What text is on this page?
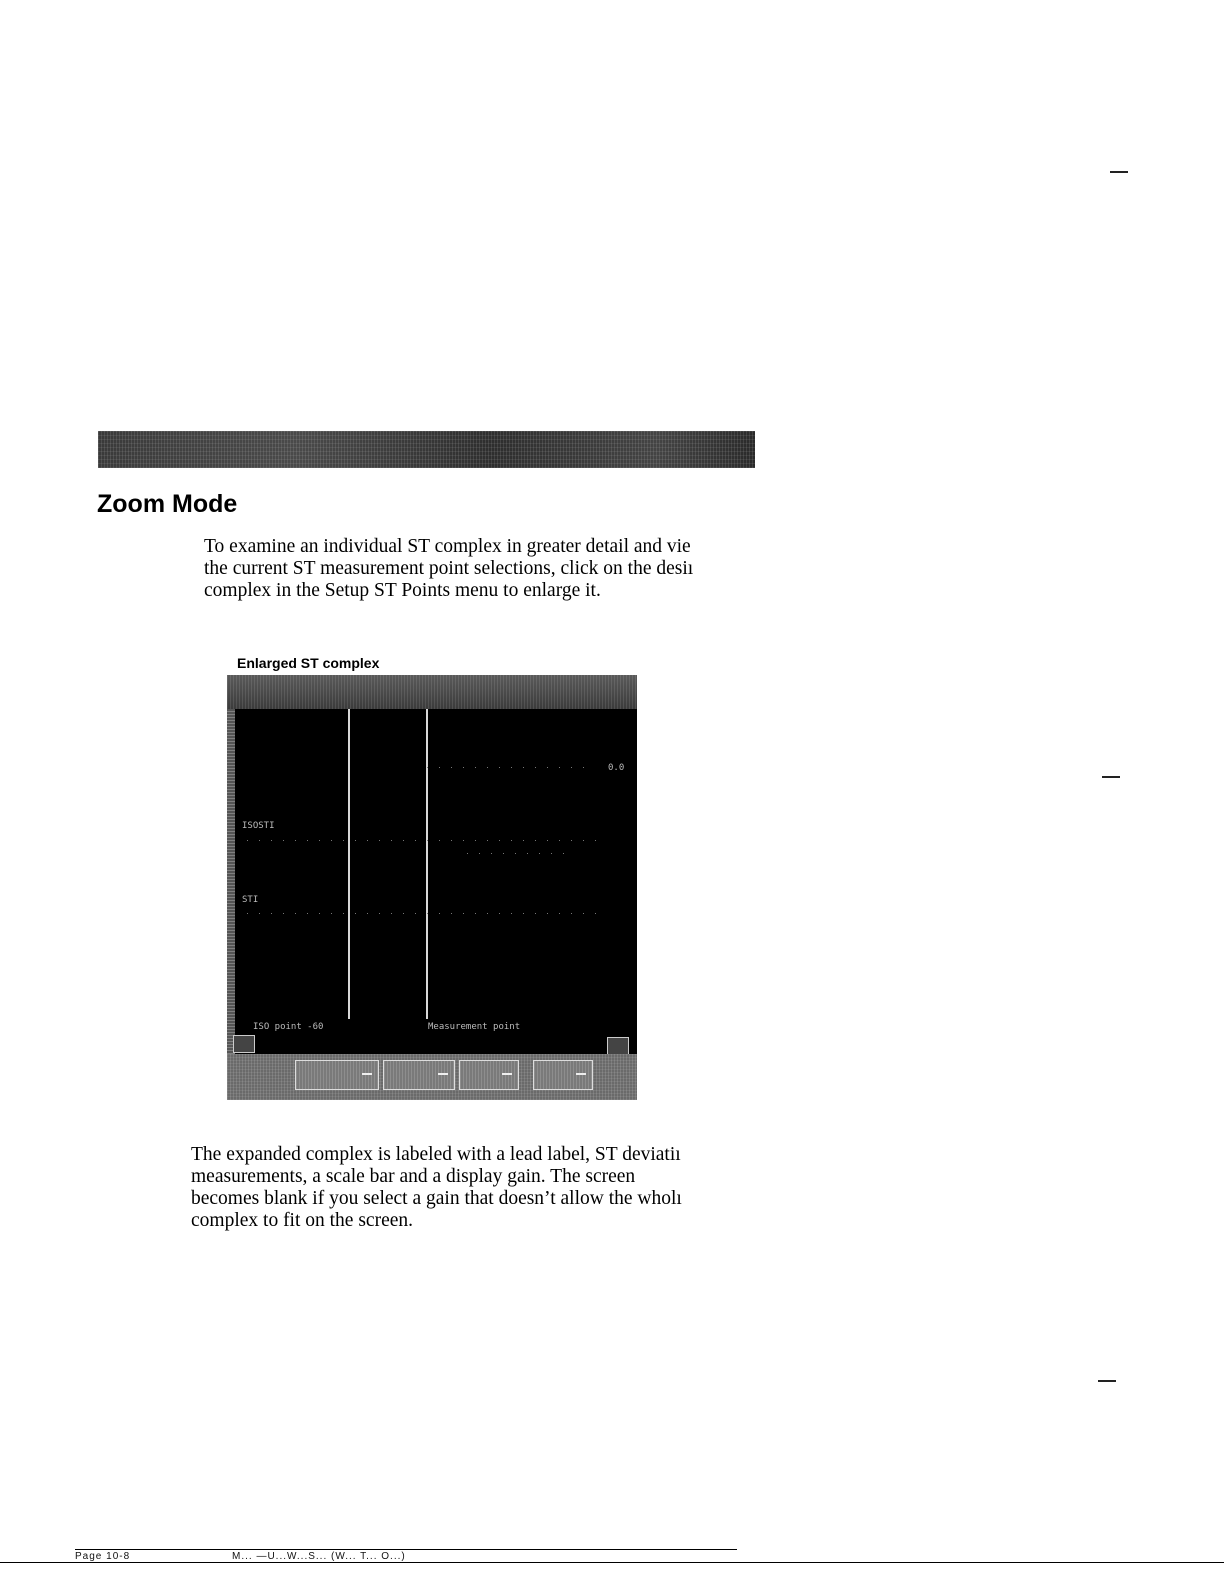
Zoom Mode
To examine an individual ST complex in greater detail and viе
the current ST measurement point selections, click on the desiı
complex in the Setup ST Points menu to enlarge it.
Enlarged ST complex
ISOSTI
STI
0.0
ISO point -60	Measurement point
The expanded complex is labeled with a lead label, ST deviatiı
measurements, a scale bar and a display gain. The screen
becomes blank if you select a gain that doesn’t allow the wholı
complex to fit on the screen.
Page 10-8	M... —U...W...S... (W... T... O...)
